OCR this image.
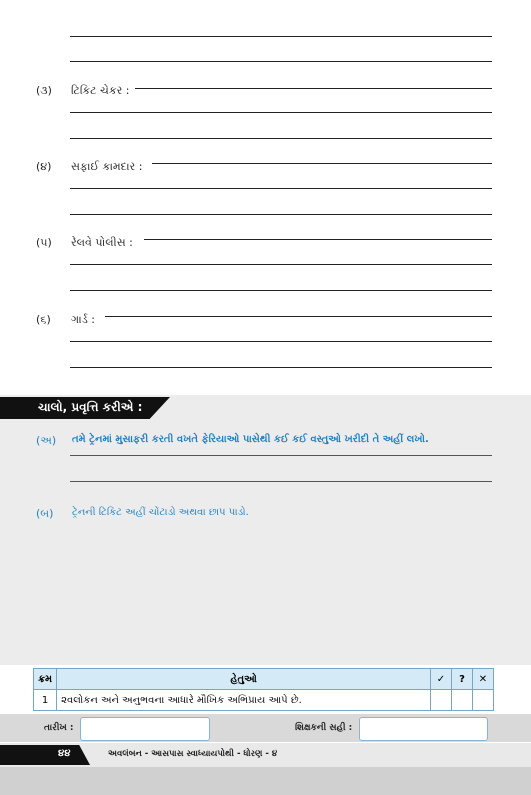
(૩) ટિકિટ ચેકર :
(૪) સફાઈ કામદાર :
(૫) રેલવે પોલીસ :
(૬) ગાર્ડ :
ચાલો, પ્રવૃત્તિ કરીએ :
(અ) તમે ટ્રેનમાં મુસાફરી કરતી વખતે ફેરિયાઓ પાસેથી કઈ કઈ વસ્તુઓ ખરીદી તે અહીં લખો.
(બ) ટ્રેનની ટિકિટ અહીં ચોંટાડો અથવા છાપ પાડો.
ક્રમ	હેતુઓ	✓	?	✕
1	૨વલોકન અને અનુભવના આધારે મૌખિક અભિપ્રાય આપે છે.			
તારીખ :	શિક્ષકની સહી :
૪૪	અવલંબન - આસપાસ સ્વાધ્યાયપોથી - ધોરણ - ૪
